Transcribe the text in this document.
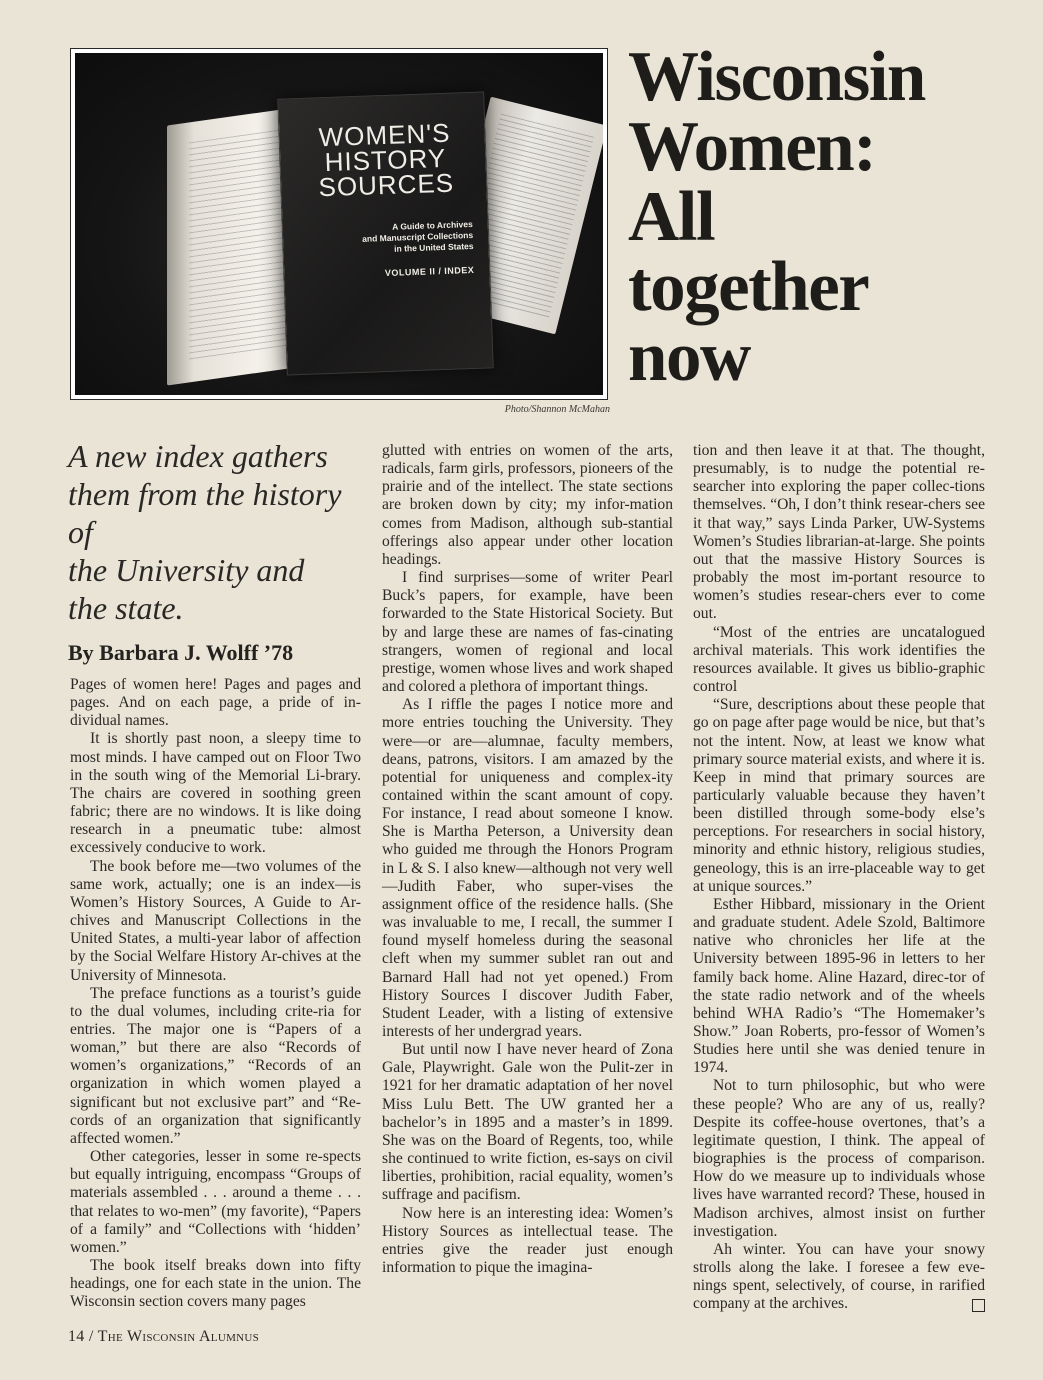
WOMEN'S
HISTORY
SOURCES
A Guide to Archives
and Manuscript Collections
in the United States
VOLUME II / INDEX
Photo/Shannon McMahan
Wisconsin
Women:
All
together
now
A new index gathers
them from the history of
the University and
the state.
By Barbara J. Wolff ’78

Pages of women here! Pages and pages and pages. And on each page, a pride of in-dividual names.

It is shortly past noon, a sleepy time to most minds. I have camped out on Floor Two in the south wing of the Memorial Li-brary. The chairs are covered in soothing green fabric; there are no windows. It is like doing research in a pneumatic tube: almost excessively conducive to work.

The book before me—two volumes of the same work, actually; one is an index—is Women’s History Sources, A Guide to Ar-chives and Manuscript Collections in the United States, a multi-year labor of affection by the Social Welfare History Ar-chives at the University of Minnesota.

The preface functions as a tourist’s guide to the dual volumes, including crite-ria for entries. The major one is “Papers of a woman,” but there are also “Records of women’s organizations,” “Records of an organization in which women played a significant but not exclusive part” and “Re-cords of an organization that significantly affected women.”

Other categories, lesser in some re-spects but equally intriguing, encompass “Groups of materials assembled . . . around a theme . . . that relates to wo-men” (my favorite), “Papers of a family” and “Collections with ‘hidden’ women.”

The book itself breaks down into fifty headings, one for each state in the union. The Wisconsin section covers many pages

glutted with entries on women of the arts, radicals, farm girls, professors, pioneers of the prairie and of the intellect. The state sections are broken down by city; my infor-mation comes from Madison, although sub-stantial offerings also appear under other location headings.

I find surprises—some of writer Pearl Buck’s papers, for example, have been forwarded to the State Historical Society. But by and large these are names of fas-cinating strangers, women of regional and local prestige, women whose lives and work shaped and colored a plethora of important things.

As I riffle the pages I notice more and more entries touching the University. They were—or are—alumnae, faculty members, deans, patrons, visitors. I am amazed by the potential for uniqueness and complex-ity contained within the scant amount of copy. For instance, I read about someone I know. She is Martha Peterson, a University dean who guided me through the Honors Program in L & S. I also knew—although not very well—Judith Faber, who super-vises the assignment office of the residence halls. (She was invaluable to me, I recall, the summer I found myself homeless during the seasonal cleft when my summer sublet ran out and Barnard Hall had not yet opened.) From History Sources I discover Judith Faber, Student Leader, with a listing of extensive interests of her undergrad years.

But until now I have never heard of Zona Gale, Playwright. Gale won the Pulit-zer in 1921 for her dramatic adaptation of her novel Miss Lulu Bett. The UW granted her a bachelor’s in 1895 and a master’s in 1899. She was on the Board of Regents, too, while she continued to write fiction, es-says on civil liberties, prohibition, racial equality, women’s suffrage and pacifism.

Now here is an interesting idea: Women’s History Sources as intellectual tease. The entries give the reader just enough information to pique the imagina-

tion and then leave it at that. The thought, presumably, is to nudge the potential re-searcher into exploring the paper collec-tions themselves. “Oh, I don’t think resear-chers see it that way,” says Linda Parker, UW-Systems Women’s Studies librarian-at-large. She points out that the massive History Sources is probably the most im-portant resource to women’s studies resear-chers ever to come out.

“Most of the entries are uncatalogued archival materials. This work identifies the resources available. It gives us biblio-graphic control

“Sure, descriptions about these people that go on page after page would be nice, but that’s not the intent. Now, at least we know what primary source material exists, and where it is. Keep in mind that primary sources are particularly valuable because they haven’t been distilled through some-body else’s perceptions. For researchers in social history, minority and ethnic history, religious studies, geneology, this is an irre-placeable way to get at unique sources.”

Esther Hibbard, missionary in the Orient and graduate student. Adele Szold, Baltimore native who chronicles her life at the University between 1895-96 in letters to her family back home. Aline Hazard, direc-tor of the state radio network and of the wheels behind WHA Radio’s “The Homemaker’s Show.” Joan Roberts, pro-fessor of Women’s Studies here until she was denied tenure in 1974.

Not to turn philosophic, but who were these people? Who are any of us, really? Despite its coffee-house overtones, that’s a legitimate question, I think. The appeal of biographies is the process of comparison. How do we measure up to individuals whose lives have warranted record? These, housed in Madison archives, almost insist on further investigation.

Ah winter. You can have your snowy strolls along the lake. I foresee a few eve-nings spent, selectively, of course, in rarified company at the archives.

14 / The Wisconsin Alumnus
